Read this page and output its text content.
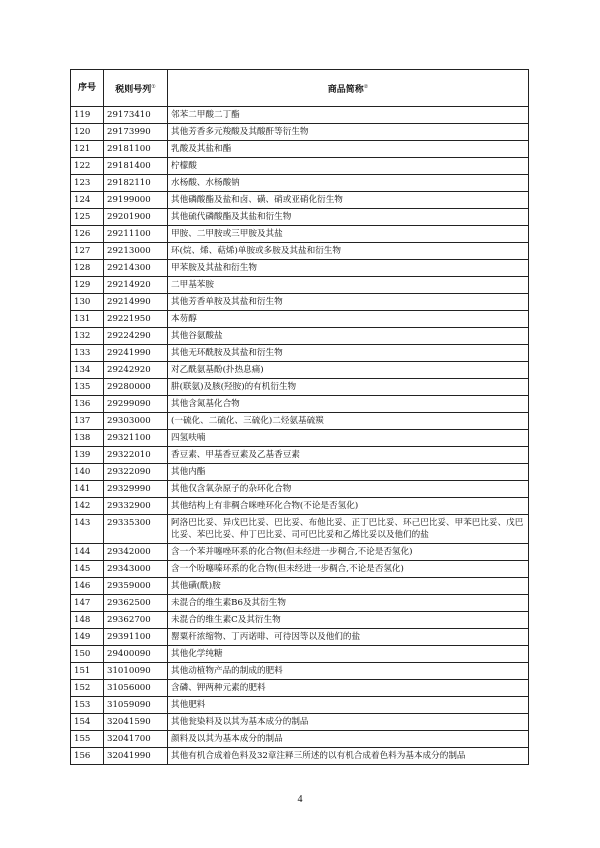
序号	税则号列①	商品简称②
119	29173410	邻苯二甲酸二丁酯
120	29173990	其他芳香多元羧酸及其酸酐等衍生物
121	29181100	乳酸及其盐和酯
122	29181400	柠檬酸
123	29182110	水杨酸、水杨酸钠
124	29199000	其他磷酸酯及盐和卤、磺、硝或亚硝化衍生物
125	29201900	其他硫代磷酸酯及其盐和衍生物
126	29211100	甲胺、二甲胺或三甲胺及其盐
127	29213000	环(烷、烯、萜烯)单胺或多胺及其盐和衍生物
128	29214300	甲苯胺及其盐和衍生物
129	29214920	二甲基苯胺
130	29214990	其他芳香单胺及其盐和衍生物
131	29221950	本芴醇
132	29224290	其他谷氨酸盐
133	29241990	其他无环酰胺及其盐和衍生物
134	29242920	对乙酰氨基酚(扑热息痛)
135	29280000	肼(联氨)及胲(羟胺)的有机衍生物
136	29299090	其他含氮基化合物
137	29303000	(一硫化、二硫化、三硫化)二烃氨基硫羰
138	29321100	四氢呋喃
139	29322010	香豆素、甲基香豆素及乙基香豆素
140	29322090	其他内酯
141	29329990	其他仅含氧杂原子的杂环化合物
142	29332900	其他结构上有非稠合咪唑环化合物(不论是否氢化)
143	29335300	阿洛巴比妥、异戊巴比妥、巴比妥、布他比妥、正丁巴比妥、环己巴比妥、甲苯巴比妥、戊巴比妥、苯巴比妥、仲丁巴比妥、司可巴比妥和乙烯比妥以及他们的盐
144	29342000	含一个苯并噻唑环系的化合物(但未经进一步稠合,不论是否氢化)
145	29343000	含一个吩噻嗪环系的化合物(但未经进一步稠合,不论是否氢化)
146	29359000	其他磺(酰)胺
147	29362500	未混合的维生素B6及其衍生物
148	29362700	未混合的维生素C及其衍生物
149	29391100	罂粟秆浓缩物、丁丙诺啡、可待因等以及他们的盐
150	29400090	其他化学纯糖
151	31010090	其他动植物产品的制成的肥料
152	31056000	含磷、钾两种元素的肥料
153	31059090	其他肥料
154	32041590	其他瓮染料及以其为基本成分的制品
155	32041700	颜料及以其为基本成分的制品
156	32041990	其他有机合成着色料及32章注释三所述的以有机合成着色料为基本成分的制品
4
